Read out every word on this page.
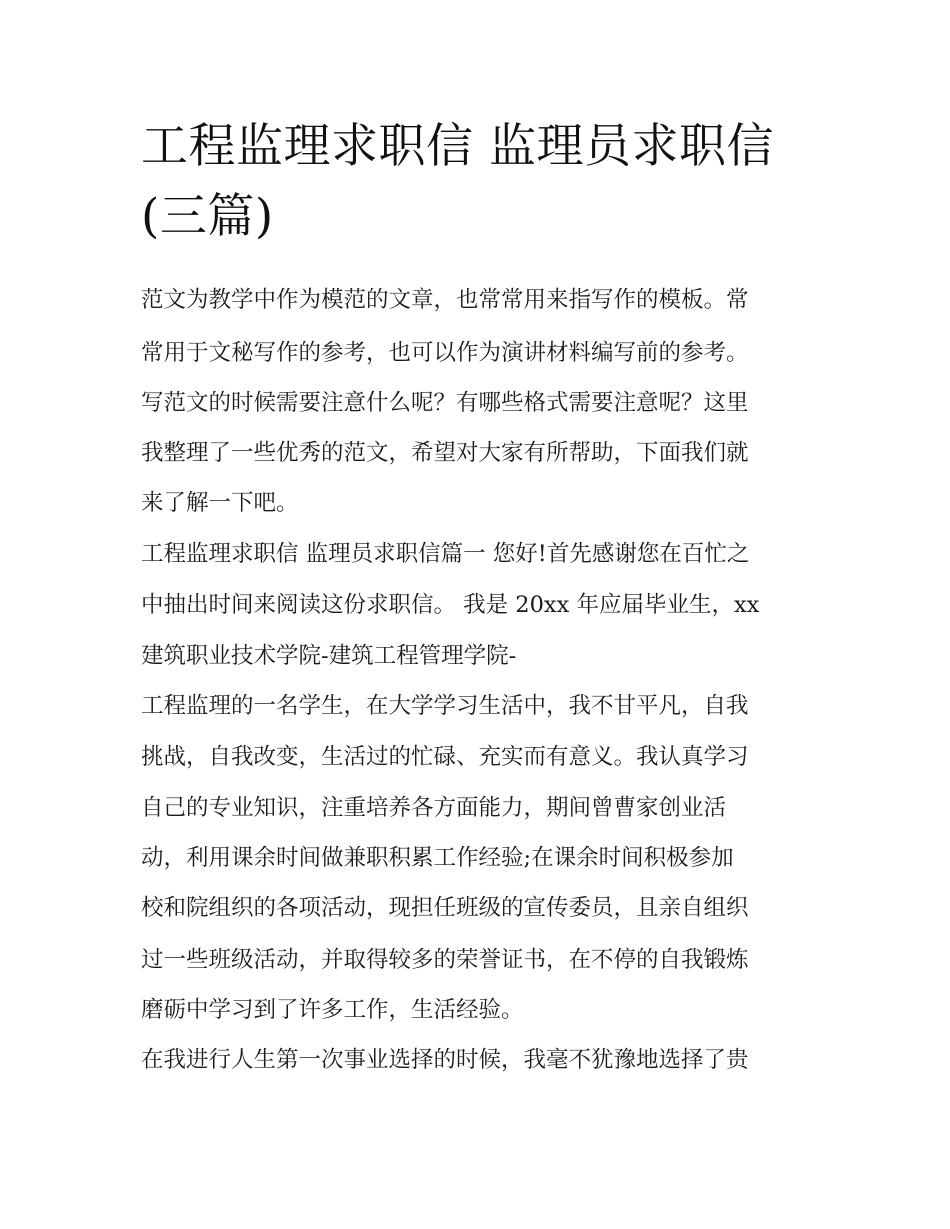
工程监理求职信 监理员求职信
(三篇)

范文为教学中作为模范的文章，也常常用来指写作的模板。常

常用于文秘写作的参考，也可以作为演讲材料编写前的参考。

写范文的时候需要注意什么呢？有哪些格式需要注意呢？这里

我整理了一些优秀的范文，希望对大家有所帮助，下面我们就

来了解一下吧。

工程监理求职信 监理员求职信篇一 您好!首先感谢您在百忙之

中抽出时间来阅读这份求职信。 我是 20xx 年应届毕业生，xx

建筑职业技术学院-建筑工程管理学院-

工程监理的一名学生，在大学学习生活中，我不甘平凡，自我

挑战，自我改变，生活过的忙碌、充实而有意义。我认真学习

自己的专业知识，注重培养各方面能力，期间曾曹家创业活

动，利用课余时间做兼职积累工作经验;在课余时间积极参加

校和院组织的各项活动，现担任班级的宣传委员，且亲自组织

过一些班级活动，并取得较多的荣誉证书，在不停的自我锻炼

磨砺中学习到了许多工作，生活经验。

在我进行人生第一次事业选择的时候，我毫不犹豫地选择了贵
